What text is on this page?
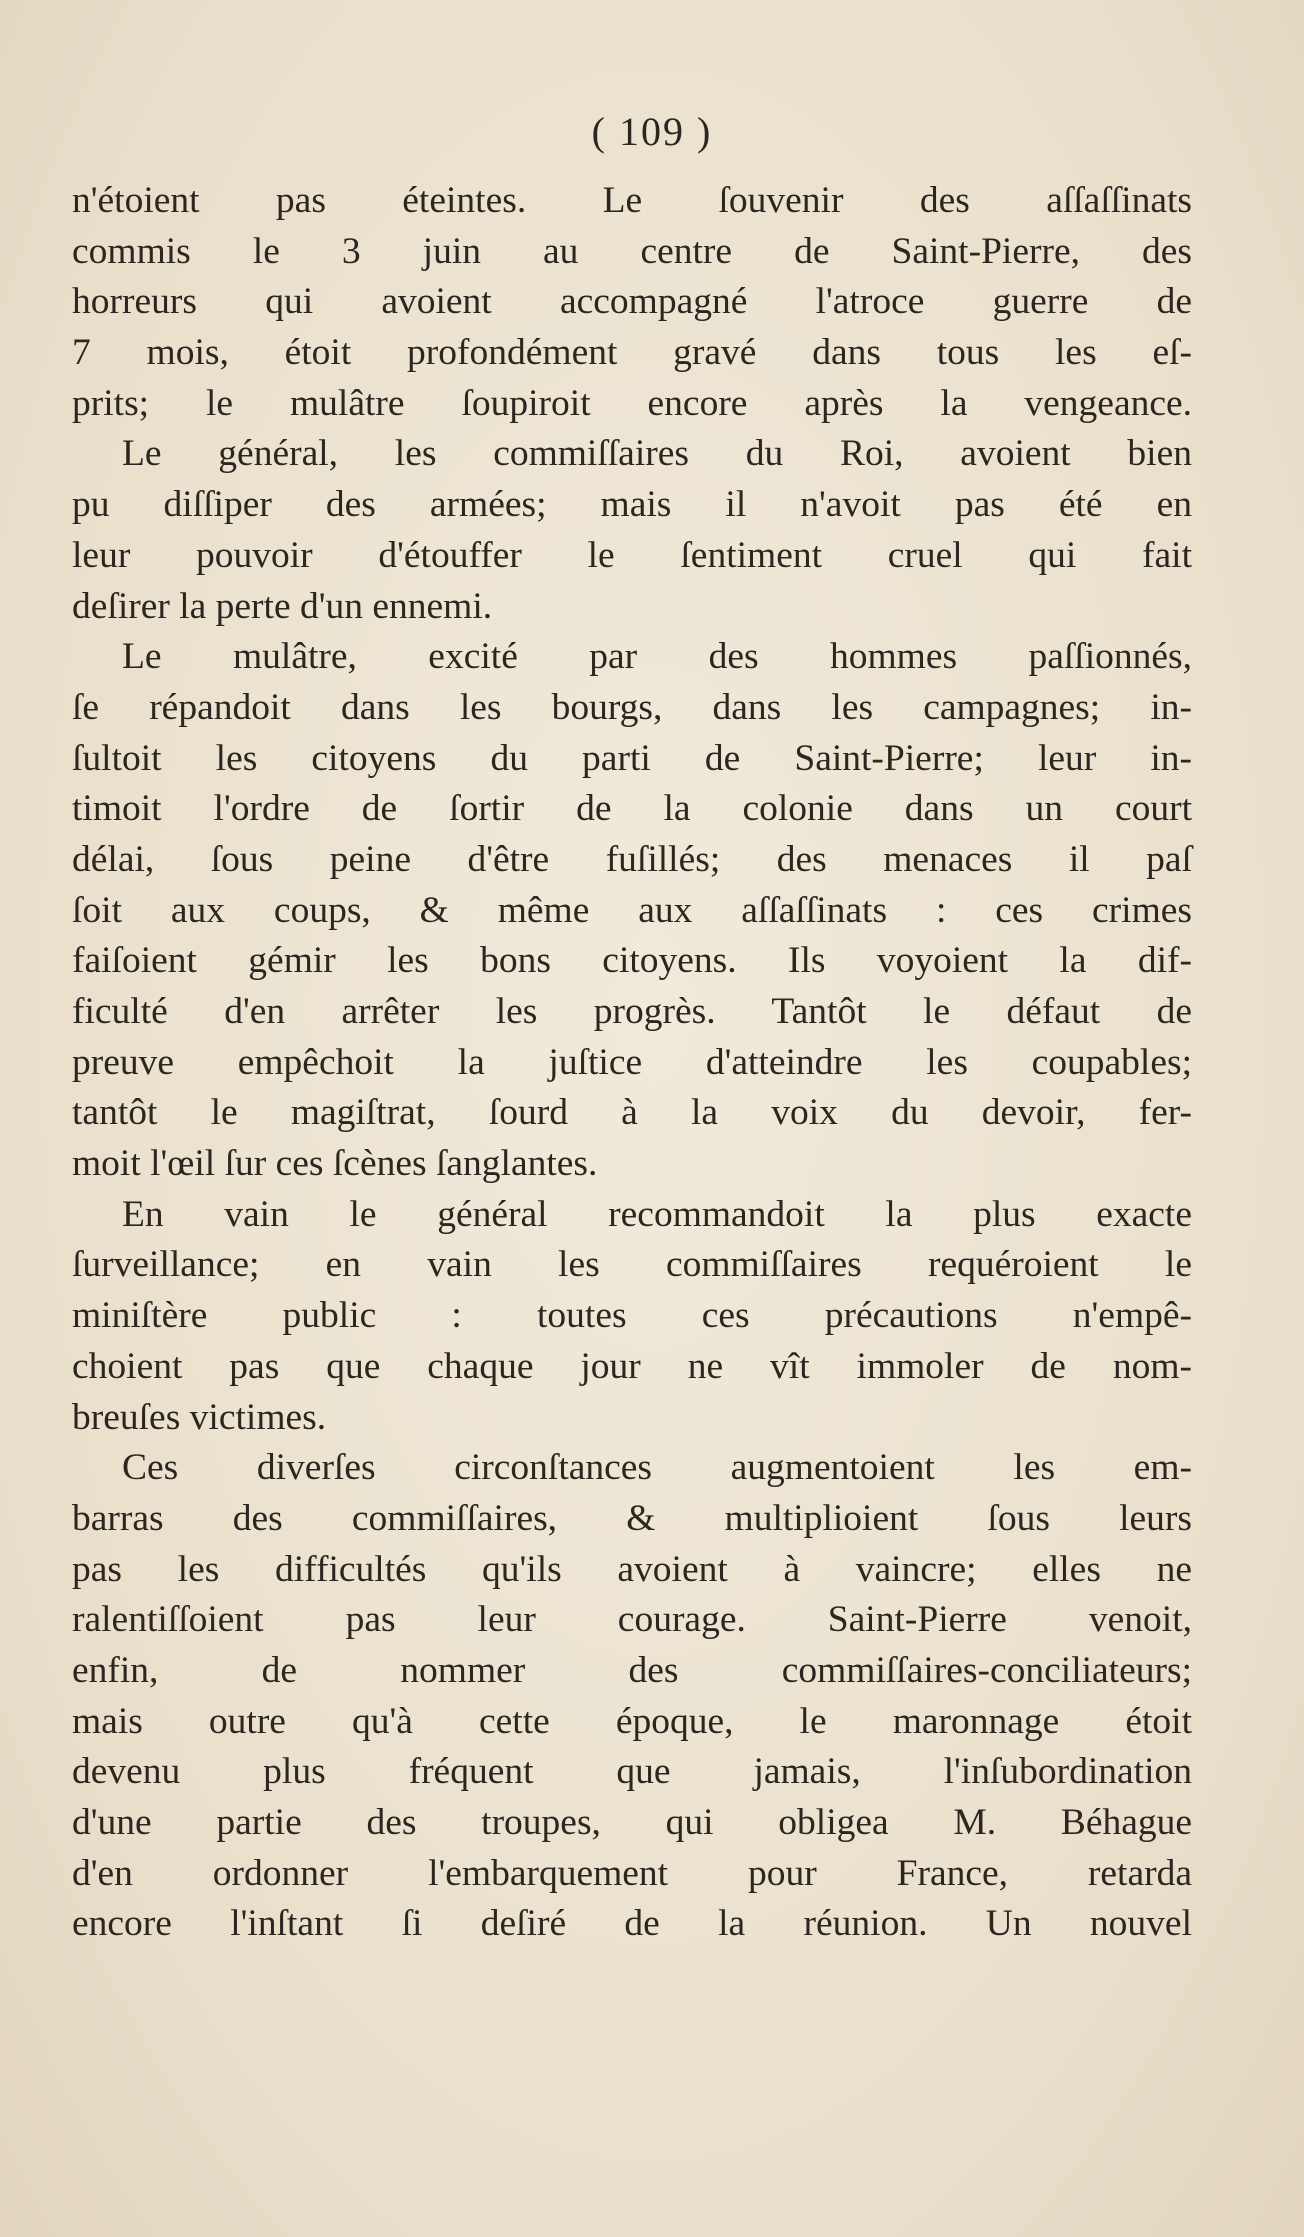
( 109 )
n'étoient pas éteintes. Le ſouvenir des aſſaſſinats
commis le 3 juin au centre de Saint-Pierre, des
horreurs qui avoient accompagné l'atroce guerre de
7 mois, étoit profondément gravé dans tous les eſ-
prits; le mulâtre ſoupiroit encore après la vengeance.
Le général, les commiſſaires du Roi, avoient bien
pu diſſiper des armées; mais il n'avoit pas été en
leur pouvoir d'étouffer le ſentiment cruel qui fait
deſirer la perte d'un ennemi.
Le mulâtre, excité par des hommes paſſionnés,
ſe répandoit dans les bourgs, dans les campagnes; in-
ſultoit les citoyens du parti de Saint-Pierre; leur in-
timoit l'ordre de ſortir de la colonie dans un court
délai, ſous peine d'être fuſillés; des menaces il paſ
ſoit aux coups, & même aux aſſaſſinats : ces crimes
faiſoient gémir les bons citoyens. Ils voyoient la dif-
ficulté d'en arrêter les progrès. Tantôt le défaut de
preuve empêchoit la juſtice d'atteindre les coupables;
tantôt le magiſtrat, ſourd à la voix du devoir, fer-
moit l'œil ſur ces ſcènes ſanglantes.
En vain le général recommandoit la plus exacte
ſurveillance; en vain les commiſſaires requéroient le
miniſtère public : toutes ces précautions n'empê-
choient pas que chaque jour ne vît immoler de nom-
breuſes victimes.
Ces diverſes circonſtances augmentoient les em-
barras des commiſſaires, & multiplioient ſous leurs
pas les difficultés qu'ils avoient à vaincre; elles ne
ralentiſſoient pas leur courage. Saint-Pierre venoit,
enfin, de nommer des commiſſaires-conciliateurs;
mais outre qu'à cette époque, le maronnage étoit
devenu plus fréquent que jamais, l'inſubordination
d'une partie des troupes, qui obligea M. Béhague
d'en ordonner l'embarquement pour France, retarda
encore l'inſtant ſi deſiré de la réunion. Un nouvel
